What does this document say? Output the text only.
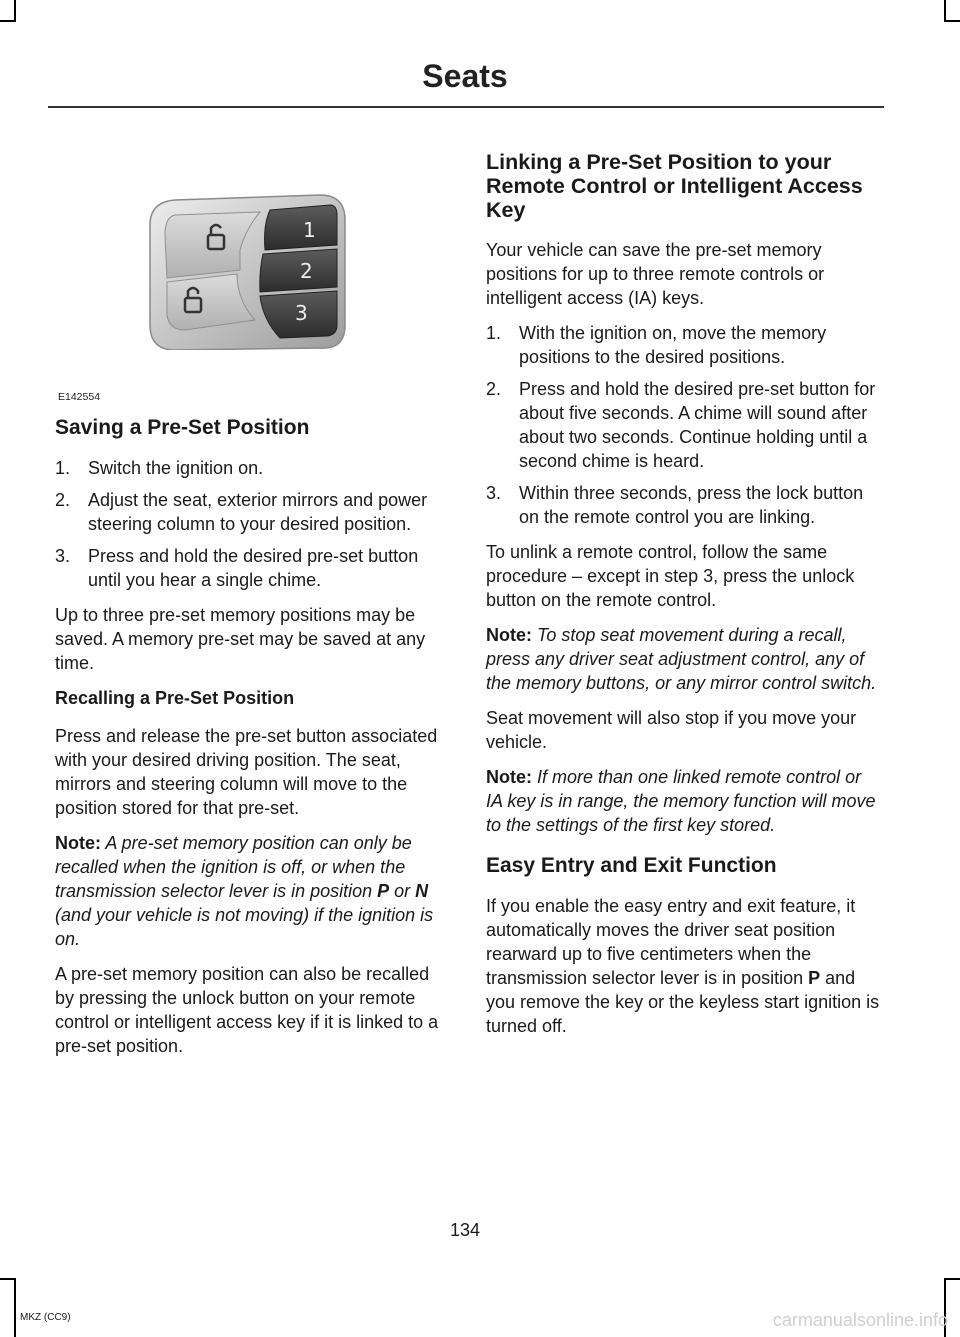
Seats
1
2
3
E142554
Saving a Pre-Set Position
1. Switch the ignition on.
2. Adjust the seat, exterior mirrors and power steering column to your desired position.
3. Press and hold the desired pre-set button until you hear a single chime.

Up to three pre-set memory positions may be saved. A memory pre-set may be saved at any time.

Recalling a Pre-Set Position

Press and release the pre-set button associated with your desired driving position. The seat, mirrors and steering column will move to the position stored for that pre-set.

Note: A pre-set memory position can only be recalled when the ignition is off, or when the transmission selector lever is in position P or N (and your vehicle is not moving) if the ignition is on.

A pre-set memory position can also be recalled by pressing the unlock button on your remote control or intelligent access key if it is linked to a pre-set position.

Linking a Pre-Set Position to your Remote Control or Intelligent Access Key

Your vehicle can save the pre-set memory positions for up to three remote controls or intelligent access (IA) keys.

1. With the ignition on, move the memory positions to the desired positions.
2. Press and hold the desired pre-set button for about five seconds. A chime will sound after about two seconds. Continue holding until a second chime is heard.
3. Within three seconds, press the lock button on the remote control you are linking.

To unlink a remote control, follow the same procedure – except in step 3, press the unlock button on the remote control.

Note: To stop seat movement during a recall, press any driver seat adjustment control, any of the memory buttons, or any mirror control switch.

Seat movement will also stop if you move your vehicle.

Note: If more than one linked remote control or IA key is in range, the memory function will move to the settings of the first key stored.

Easy Entry and Exit Function

If you enable the easy entry and exit feature, it automatically moves the driver seat position rearward up to five centimeters when the transmission selector lever is in position P and you remove the key or the keyless start ignition is turned off.

134
MKZ (CC9)	carmanualsonline.info
